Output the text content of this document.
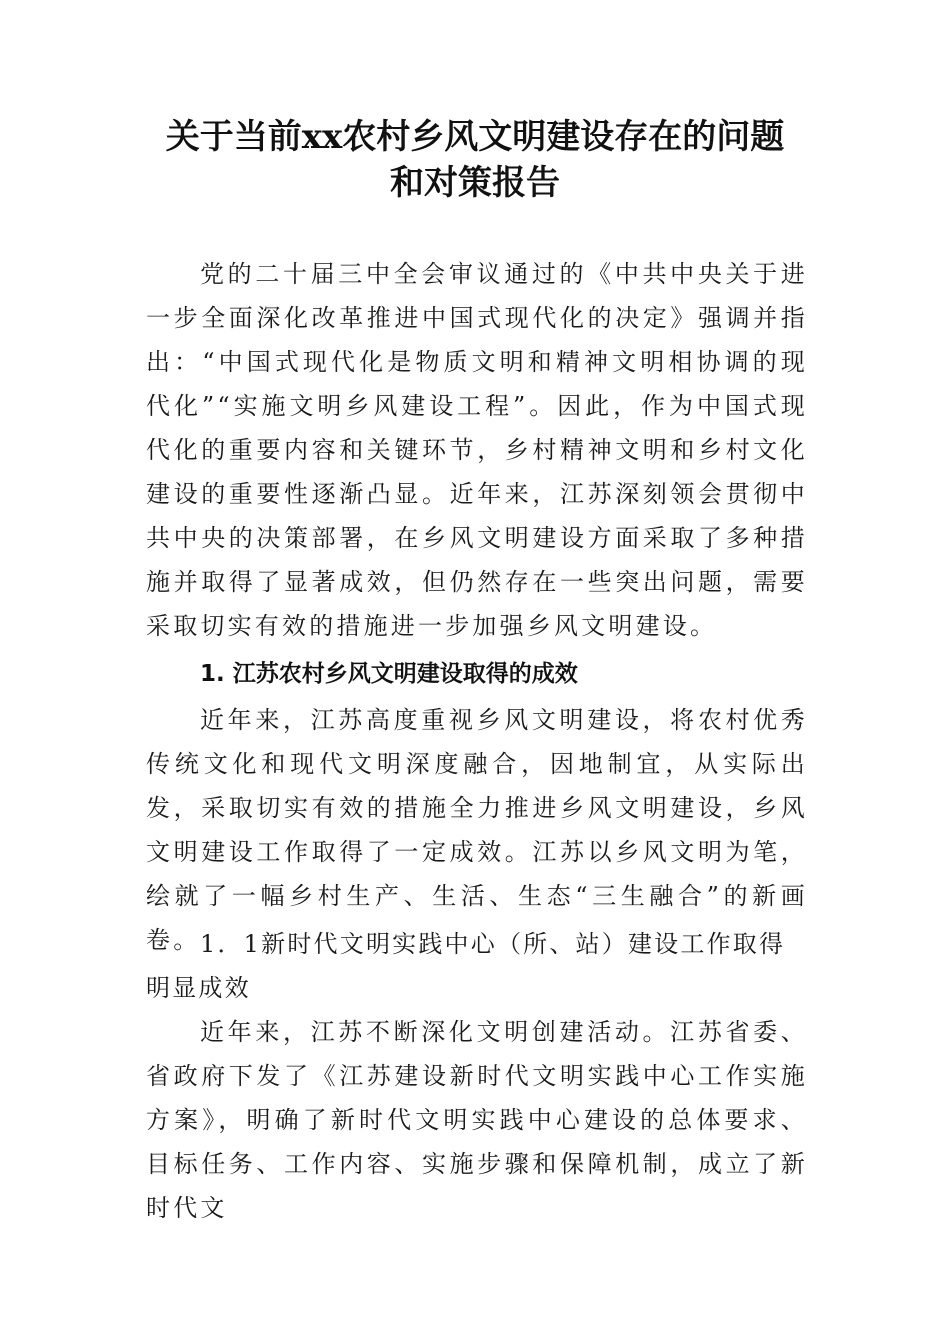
关于当前xx农村乡风文明建设存在的问题
和对策报告

党的二十届三中全会审议通过的《中共中央关于进一步全面深化改革推进中国式现代化的决定》强调并指出：“中国式现代化是物质文明和精神文明相协调的现代化”“实施文明乡风建设工程”。因此，作为中国式现代化的重要内容和关键环节，乡村精神文明和乡村文化建设的重要性逐渐凸显。近年来，江苏深刻领会贯彻中共中央的决策部署，在乡风文明建设方面采取了多种措施并取得了显著成效，但仍然存在一些突出问题，需要采取切实有效的措施进一步加强乡风文明建设。

1. 江苏农村乡风文明建设取得的成效

近年来，江苏高度重视乡风文明建设，将农村优秀传统文化和现代文明深度融合，因地制宜，从实际出发，采取切实有效的措施全力推进乡风文明建设，乡风文明建设工作取得了一定成效。江苏以乡风文明为笔，绘就了一幅乡村生产、生活、生态“三生融合”的新画卷。 1．1新时代文明实践中心（所、站）建设工作取得明显成效

近年来，江苏不断深化文明创建活动。江苏省委、省政府下发了《江苏建设新时代文明实践中心工作实施方案》，明确了新时代文明实践中心建设的总体要求、目标任务、工作内容、实施步骤和保障机制，成立了新时代文
